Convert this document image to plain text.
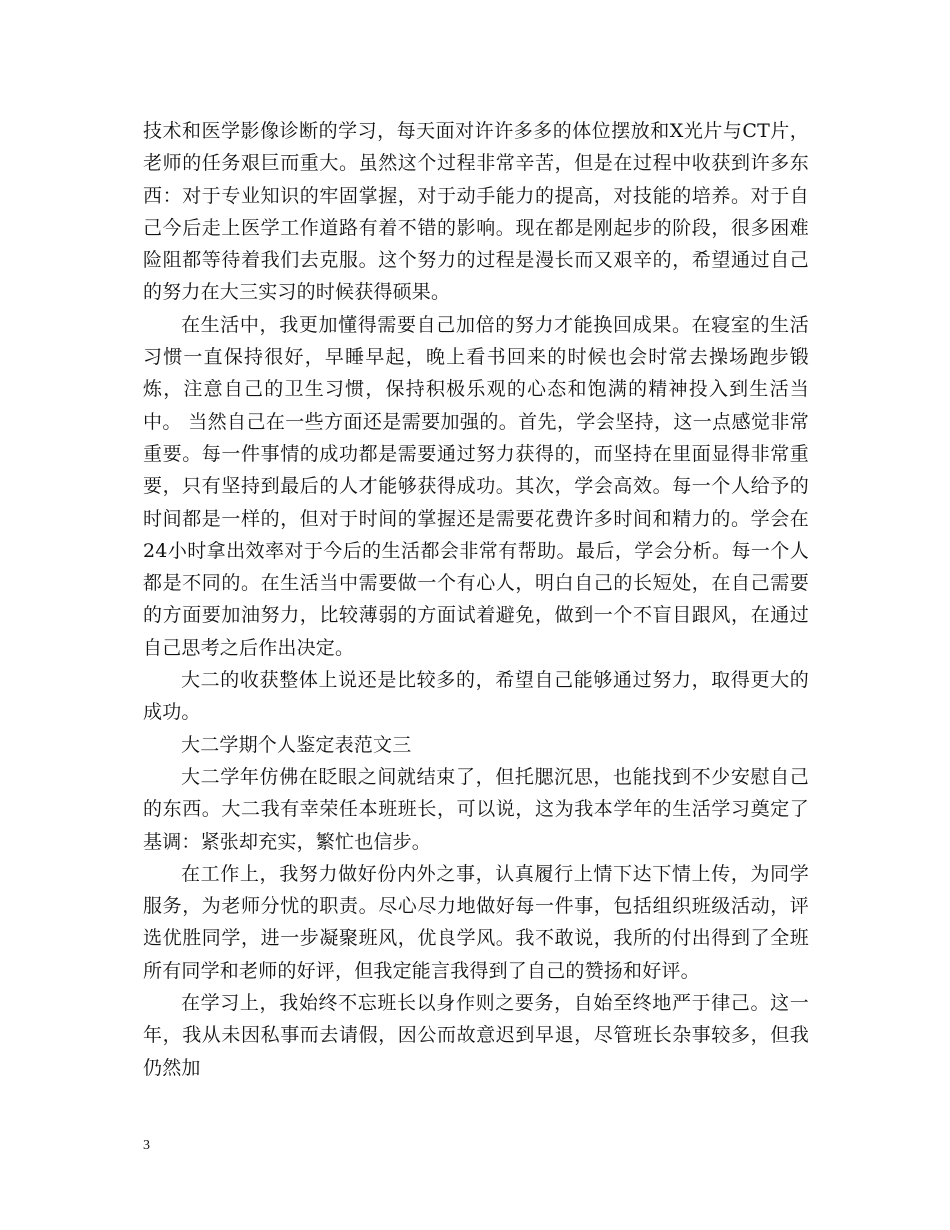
技术和医学影像诊断的学习，每天面对许许多多的体位摆放和X光片与CT片，老师的任务艰巨而重大。虽然这个过程非常辛苦，但是在过程中收获到许多东西：对于专业知识的牢固掌握，对于动手能力的提高，对技能的培养。对于自己今后走上医学工作道路有着不错的影响。现在都是刚起步的阶段，很多困难险阻都等待着我们去克服。这个努力的过程是漫长而又艰辛的，希望通过自己的努力在大三实习的时候获得硕果。

在生活中，我更加懂得需要自己加倍的努力才能换回成果。在寝室的生活习惯一直保持很好，早睡早起，晚上看书回来的时候也会时常去操场跑步锻炼，注意自己的卫生习惯，保持积极乐观的心态和饱满的精神投入到生活当中。 当然自己在一些方面还是需要加强的。首先，学会坚持，这一点感觉非常重要。每一件事情的成功都是需要通过努力获得的，而坚持在里面显得非常重要，只有坚持到最后的人才能够获得成功。其次，学会高效。每一个人给予的时间都是一样的，但对于时间的掌握还是需要花费许多时间和精力的。学会在24小时拿出效率对于今后的生活都会非常有帮助。最后，学会分析。每一个人都是不同的。在生活当中需要做一个有心人，明白自己的长短处，在自己需要的方面要加油努力，比较薄弱的方面试着避免，做到一个不盲目跟风，在通过自己思考之后作出决定。

大二的收获整体上说还是比较多的，希望自己能够通过努力，取得更大的成功。

大二学期个人鉴定表范文三

大二学年仿佛在眨眼之间就结束了，但托腮沉思，也能找到不少安慰自己的东西。大二我有幸荣任本班班长，可以说，这为我本学年的生活学习奠定了基调：紧张却充实，繁忙也信步。

在工作上，我努力做好份内外之事，认真履行上情下达下情上传，为同学服务，为老师分忧的职责。尽心尽力地做好每一件事，包括组织班级活动，评选优胜同学，进一步凝聚班风，优良学风。我不敢说，我所的付出得到了全班所有同学和老师的好评，但我定能言我得到了自己的赞扬和好评。

在学习上，我始终不忘班长以身作则之要务，自始至终地严于律己。这一年，我从未因私事而去请假，因公而故意迟到早退，尽管班长杂事较多，但我仍然加

3
